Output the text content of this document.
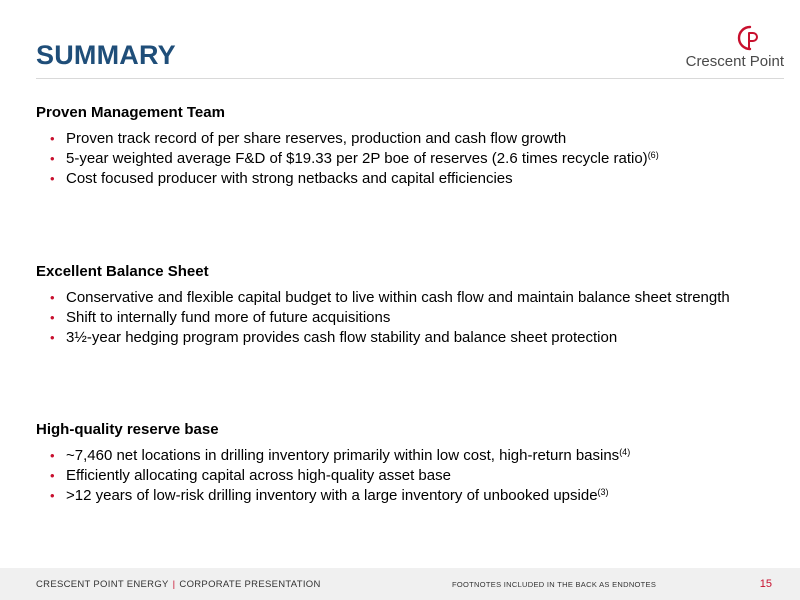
SUMMARY	Crescent Point
Proven Management Team
• Proven track record of per share reserves, production and cash flow growth
• 5-year weighted average F&D of $19.33 per 2P boe of reserves (2.6 times recycle ratio)$^{(6)}$
• Cost focused producer with strong netbacks and capital efficiencies
Excellent Balance Sheet
• Conservative and flexible capital budget to live within cash flow and maintain balance sheet strength
• Shift to internally fund more of future acquisitions
• 3½-year hedging program provides cash flow stability and balance sheet protection
High-quality reserve base
• ~7,460 net locations in drilling inventory primarily within low cost, high-return basins$^{(4)}$
• Efficiently allocating capital across high-quality asset base
• >12 years of low-risk drilling inventory with a large inventory of unbooked upside$^{(3)}$
CRESCENT POINT ENERGY | CORPORATE PRESENTATION	FOOTNOTES INCLUDED IN THE BACK AS ENDNOTES	15
